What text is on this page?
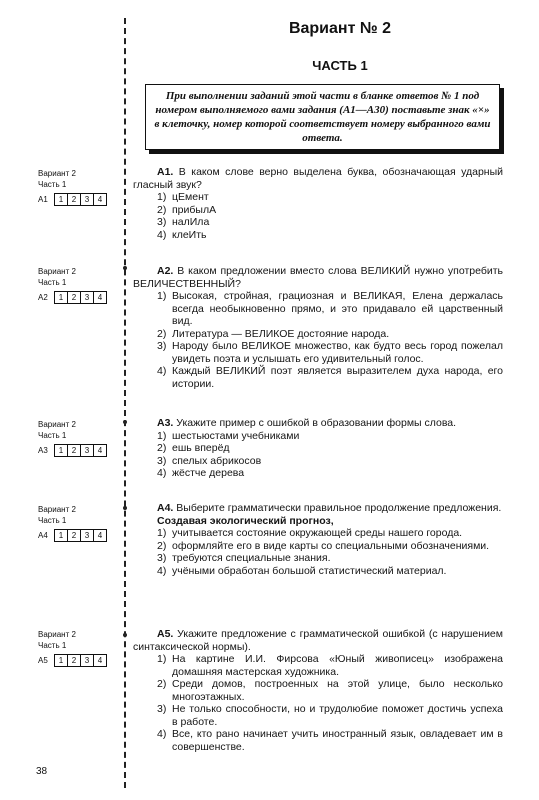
Вариант № 2
ЧАСТЬ 1
При выполнении заданий этой части в бланке ответов № 1 под номером выполняемого вами задания (А1—А30) поставьте знак «×» в клеточку, номер которой соответствует номеру выбранного вами ответа.
Вариант 2
Часть 1
А1	1	2	3	4
А1. В каком слове верно выделена буква, обозначающая ударный гласный звук?
1) цЕмент
2) прибылА
3) налИла
4) клеИть
Вариант 2
Часть 1
А2	1	2	3	4
А2. В каком предложении вместо слова ВЕЛИКИЙ нужно употребить ВЕЛИЧЕСТВЕННЫЙ?
1) Высокая, стройная, грациозная и ВЕЛИКАЯ, Елена держалась всегда необыкновенно прямо, и это придавало ей царственный вид.
2) Литература — ВЕЛИКОЕ достояние народа.
3) Народу было ВЕЛИКОЕ множество, как будто весь город пожелал увидеть поэта и услышать его удивительный голос.
4) Каждый ВЕЛИКИЙ поэт является выразителем духа народа, его истории.
Вариант 2
Часть 1
А3	1	2	3	4
А3. Укажите пример с ошибкой в образовании формы слова.
1) шестьюстами учебниками
2) ешь вперёд
3) спелых абрикосов
4) жёстче дерева
Вариант 2
Часть 1
А4	1	2	3	4
А4. Выберите грамматически правильное продолжение предложения.
Создавая экологический прогноз,
1) учитывается состояние окружающей среды нашего города.
2) оформляйте его в виде карты со специальными обозначениями.
3) требуются специальные знания.
4) учёными обработан большой статистический материал.
Вариант 2
Часть 1
А5	1	2	3	4
А5. Укажите предложение с грамматической ошибкой (с нарушением синтаксической нормы).
1) На картине И.И. Фирсова «Юный живописец» изображена домашняя мастерская художника.
2) Среди домов, построенных на этой улице, было несколько многоэтажных.
3) Не только способности, но и трудолюбие поможет достичь успеха в работе.
4) Все, кто рано начинает учить иностранный язык, овладевает им в совершенстве.
38
